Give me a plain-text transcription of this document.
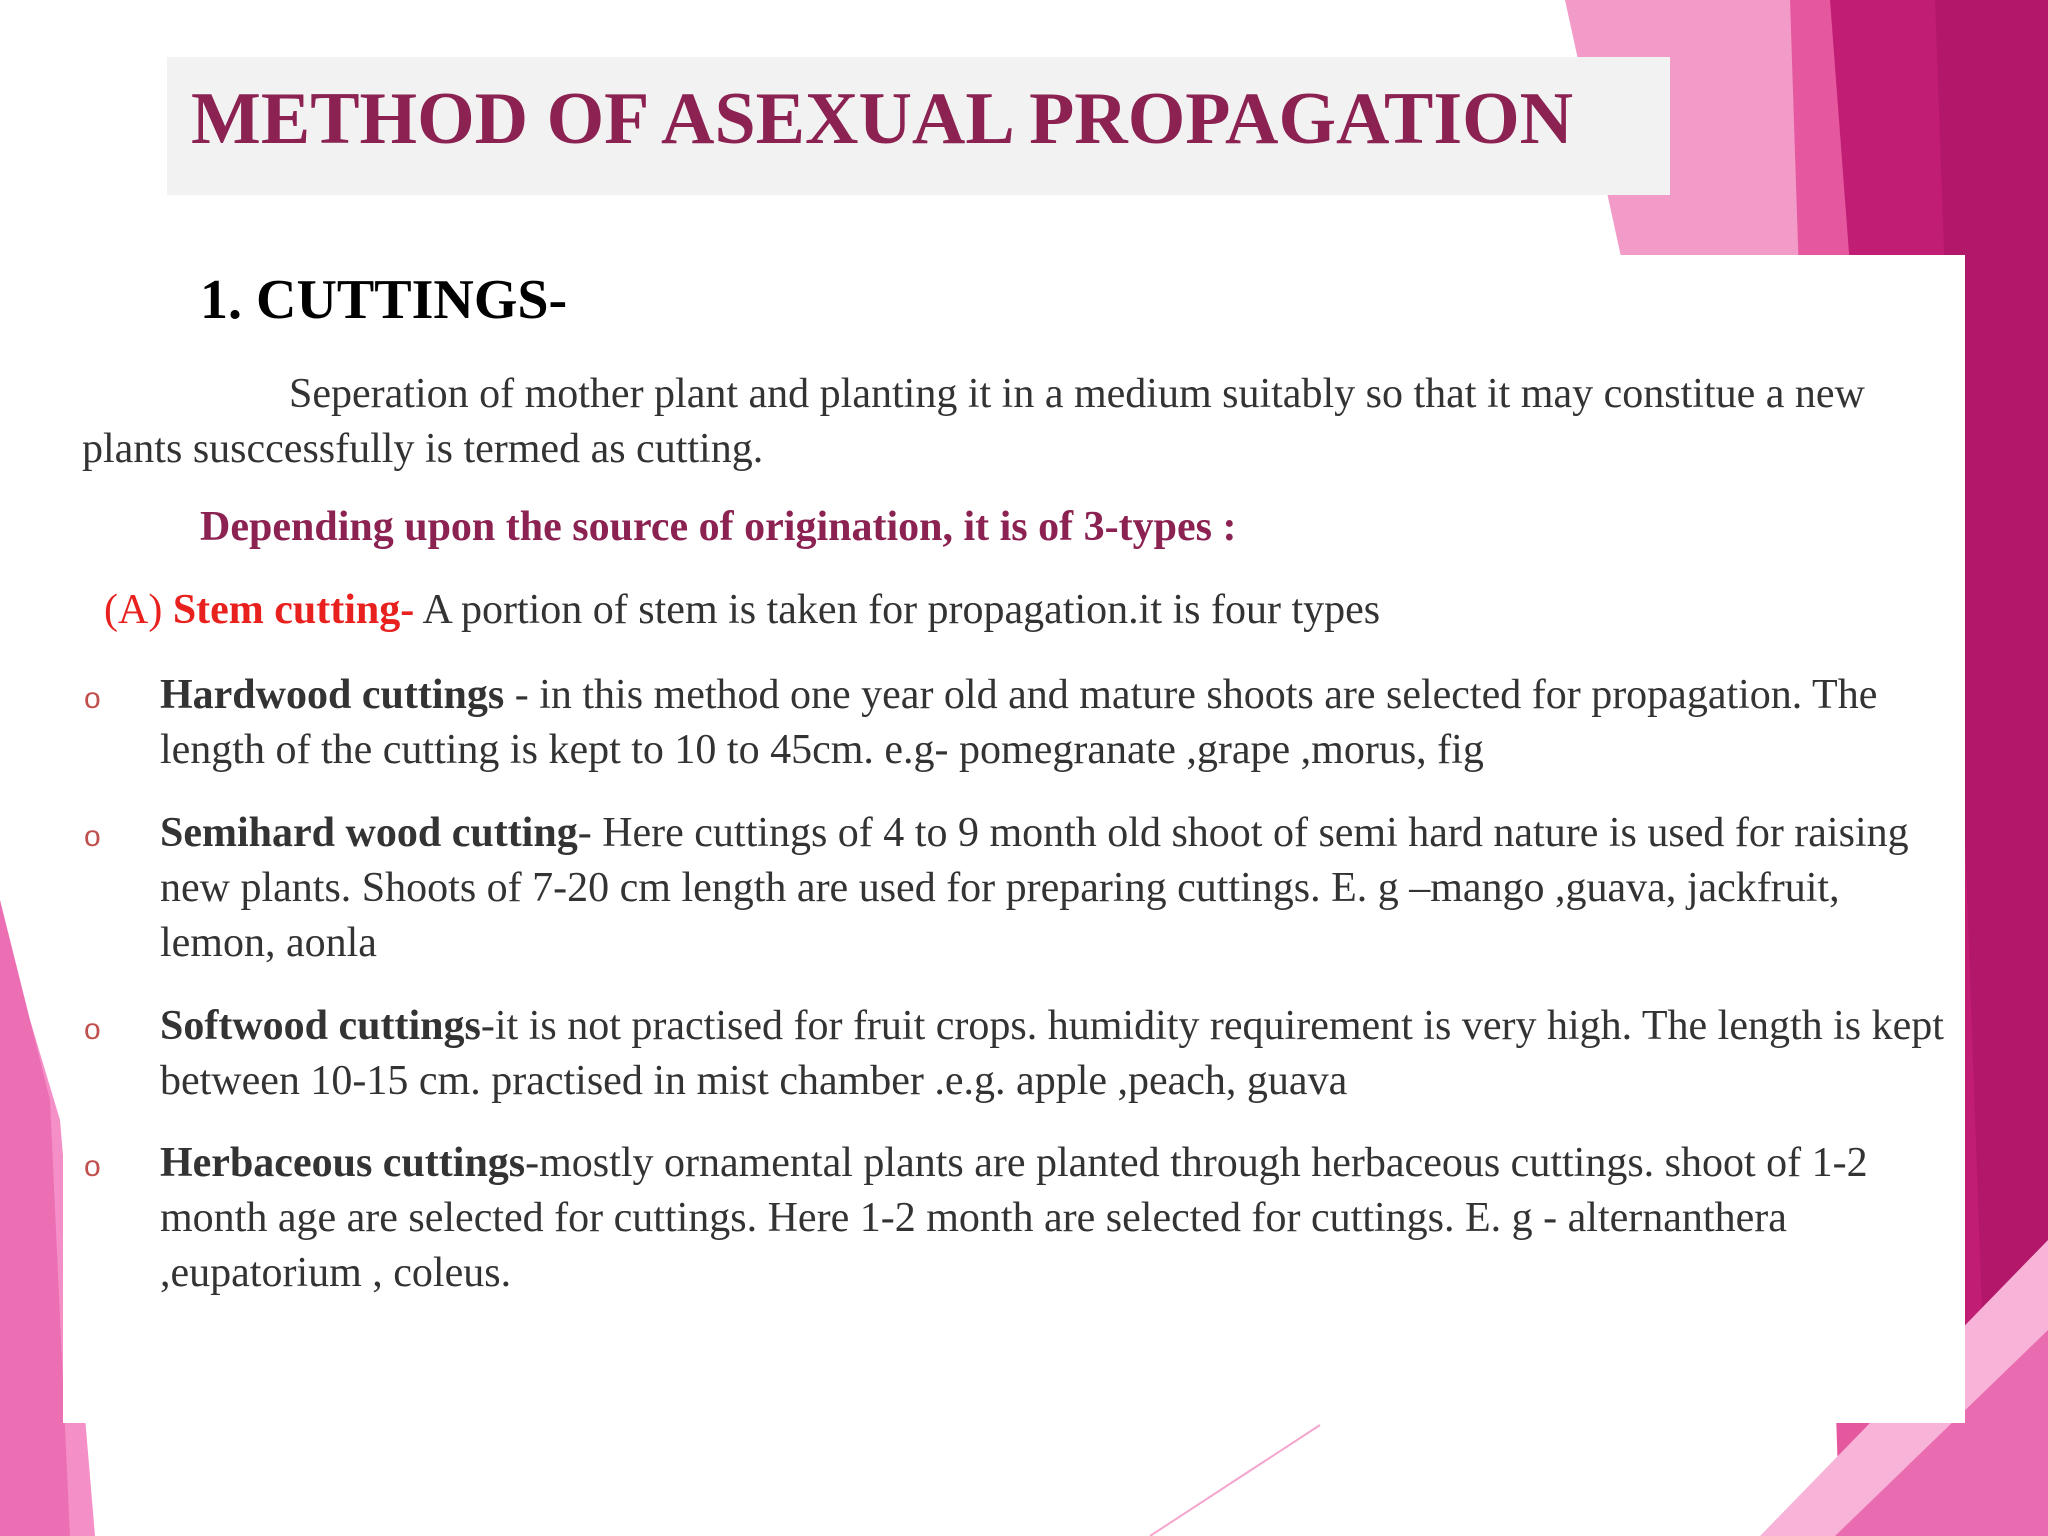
METHOD OF ASEXUAL PROPAGATION
1. CUTTINGS-
Seperation of mother plant and planting it in a medium suitably so that it may constitue a new plants susccessfully is termed as cutting.
Depending upon the source of origination, it is of 3-types :
(A) Stem cutting- A portion of stem is taken for propagation.it is four types
o Hardwood cuttings - in this method one year old and mature shoots are selected for propagation. The length of the cutting is kept to 10 to 45cm. e.g- pomegranate ,grape ,morus, fig
o Semihard wood cutting- Here cuttings of 4 to 9 month old shoot of semi hard nature is used for raising new plants. Shoots of 7-20 cm length are used for preparing cuttings. E. g –mango ,guava, jackfruit, lemon, aonla
o Softwood cuttings-it is not practised for fruit crops. humidity requirement is very high. The length is kept between 10-15 cm. practised in mist chamber .e.g. apple ,peach, guava
o Herbaceous cuttings-mostly ornamental plants are planted through herbaceous cuttings. shoot of 1-2 month age are selected for cuttings. Here 1-2 month are selected for cuttings. E. g - alternanthera ,eupatorium , coleus.
